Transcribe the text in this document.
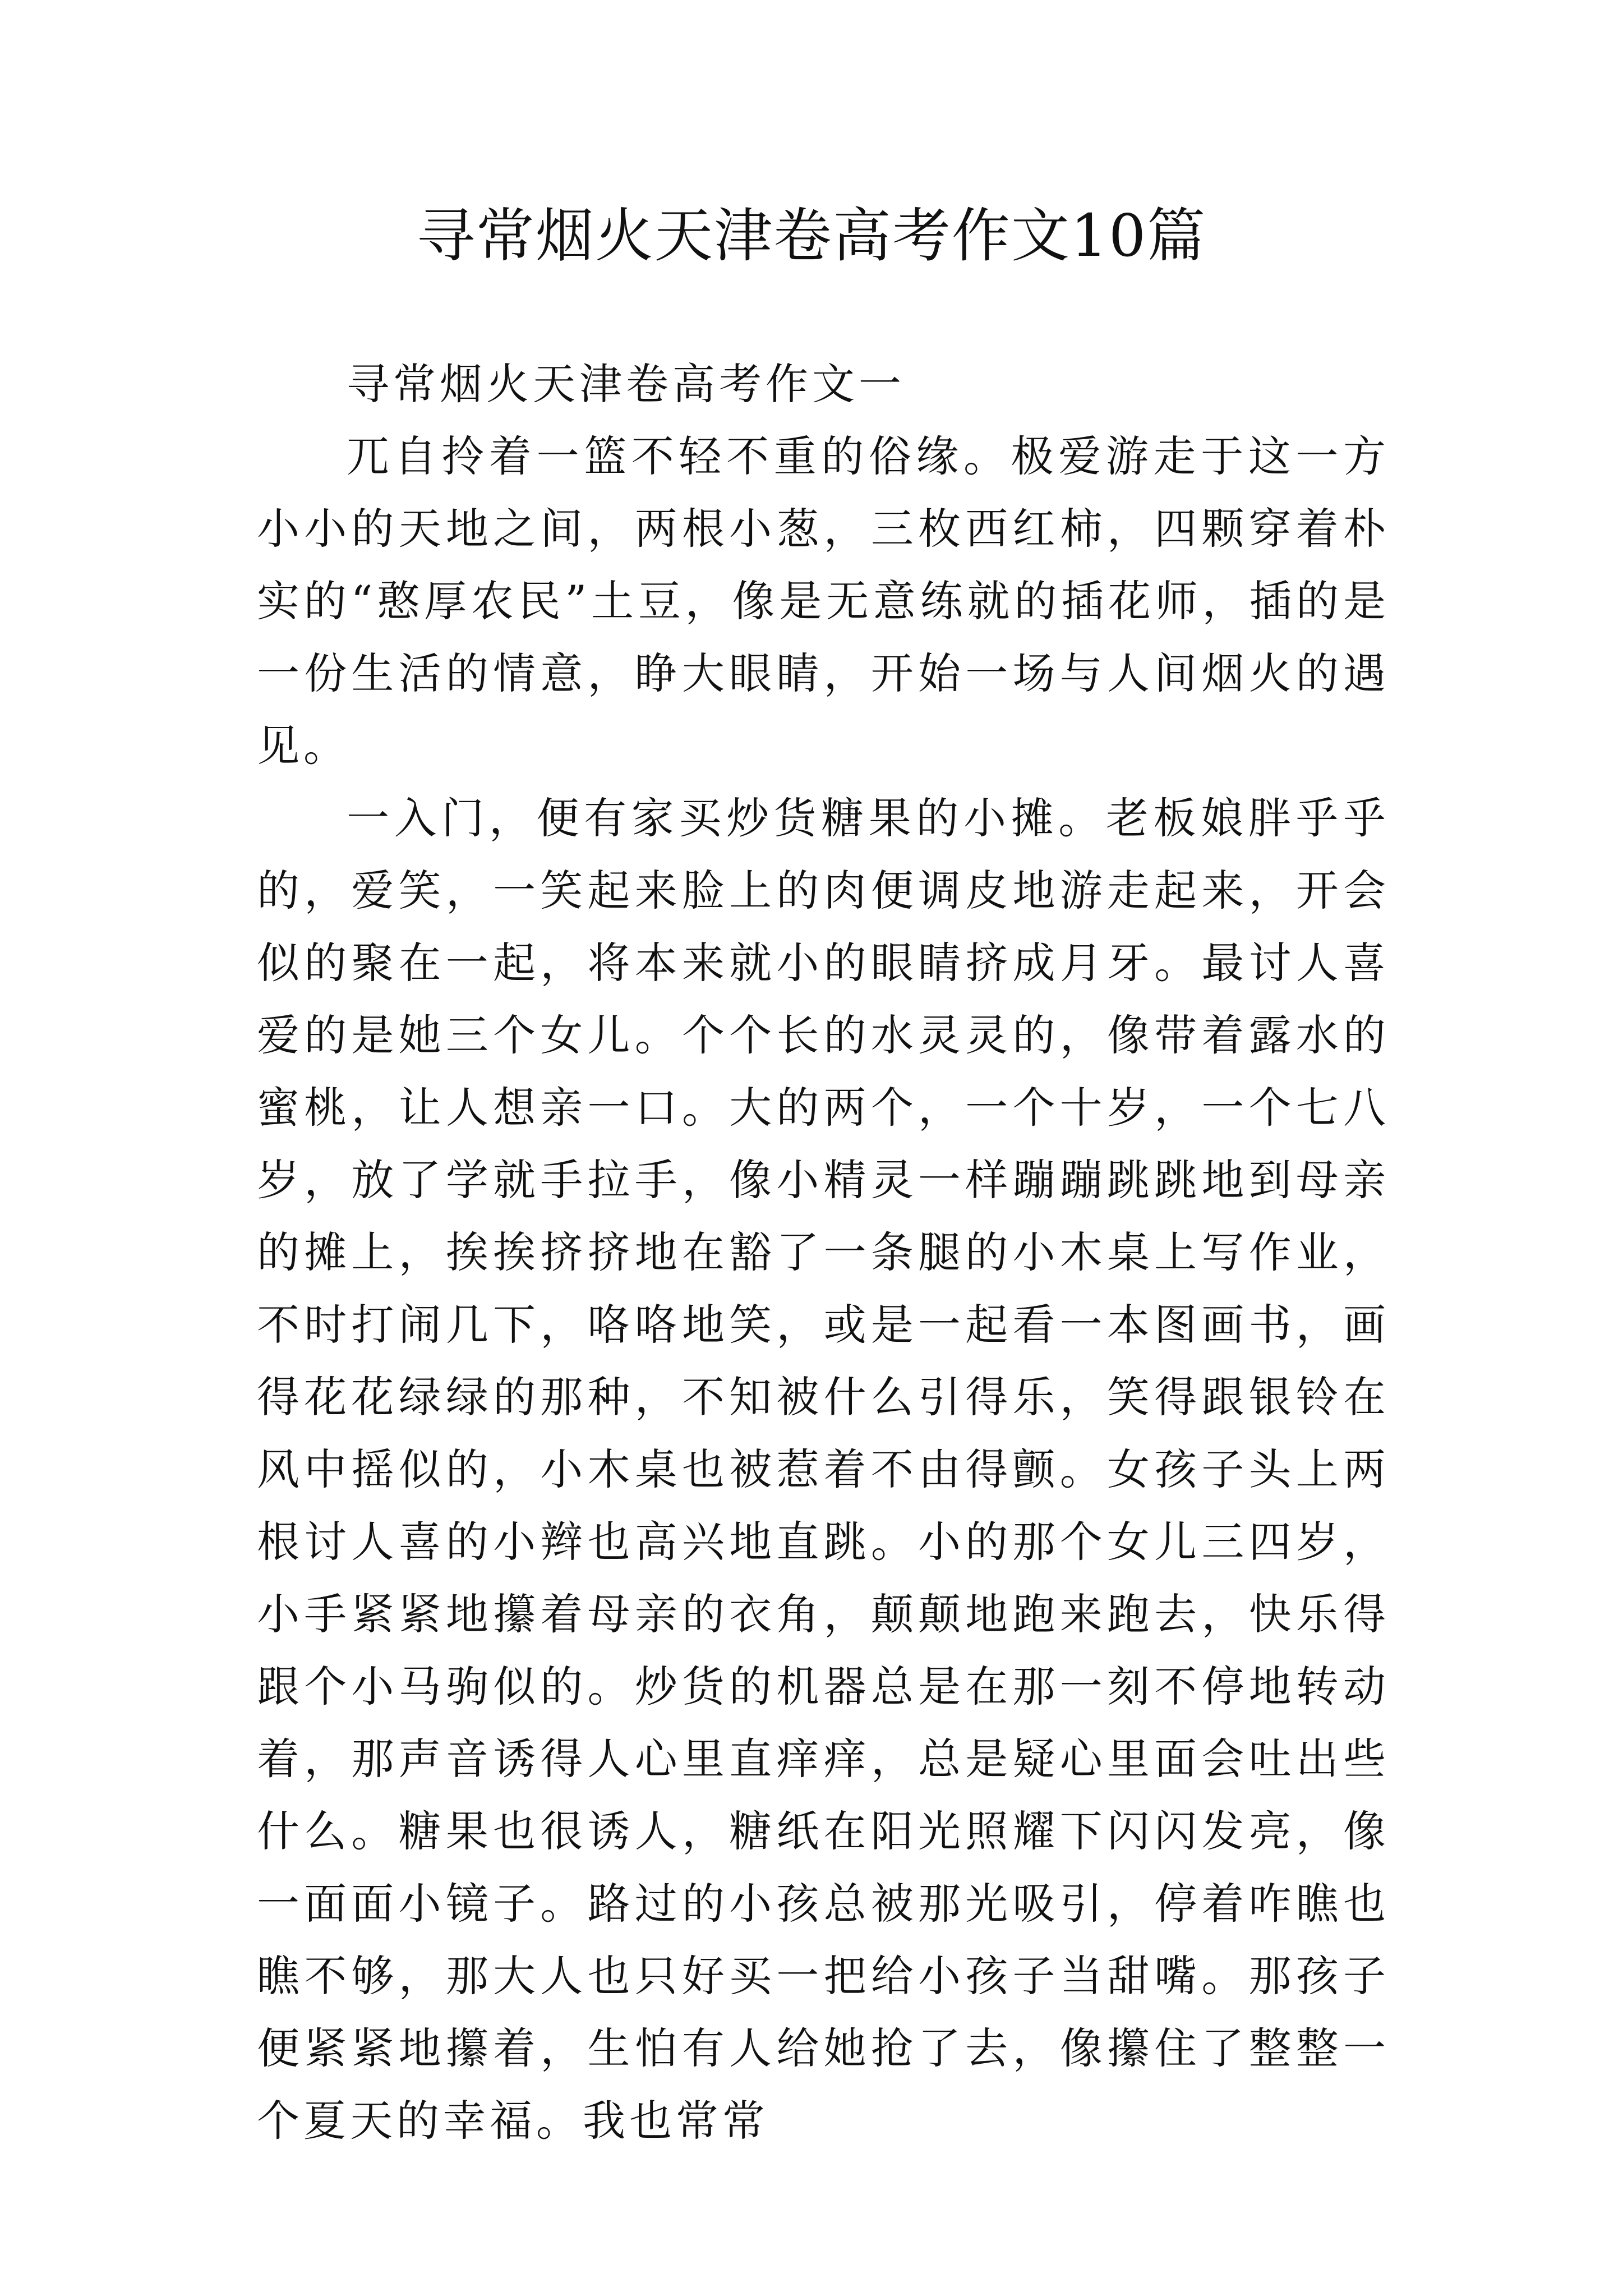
寻常烟火天津卷高考作文10篇

寻常烟火天津卷高考作文一

兀自拎着一篮不轻不重的俗缘。极爱游走于这一方小小的天地之间，两根小葱，三枚西红柿，四颗穿着朴实的“憨厚农民”土豆，像是无意练就的插花师，插的是一份生活的情意，睁大眼睛，开始一场与人间烟火的遇见。

一入门，便有家买炒货糖果的小摊。老板娘胖乎乎的，爱笑，一笑起来脸上的肉便调皮地游走起来，开会似的聚在一起，将本来就小的眼睛挤成月牙。最讨人喜爱的是她三个女儿。个个长的水灵灵的，像带着露水的蜜桃，让人想亲一口。大的两个，一个十岁，一个七八岁，放了学就手拉手，像小精灵一样蹦蹦跳跳地到母亲的摊上，挨挨挤挤地在豁了一条腿的小木桌上写作业，不时打闹几下，咯咯地笑，或是一起看一本图画书，画得花花绿绿的那种，不知被什么引得乐，笑得跟银铃在风中摇似的，小木桌也被惹着不由得颤。女孩子头上两根讨人喜的小辫也高兴地直跳。小的那个女儿三四岁，小手紧紧地攥着母亲的衣角，颠颠地跑来跑去，快乐得跟个小马驹似的。炒货的机器总是在那一刻不停地转动着，那声音诱得人心里直痒痒，总是疑心里面会吐出些什么。糖果也很诱人，糖纸在阳光照耀下闪闪发亮，像一面面小镜子。路过的小孩总被那光吸引，停着咋瞧也瞧不够，那大人也只好买一把给小孩子当甜嘴。那孩子便紧紧地攥着，生怕有人给她抢了去，像攥住了整整一个夏天的幸福。我也常常
